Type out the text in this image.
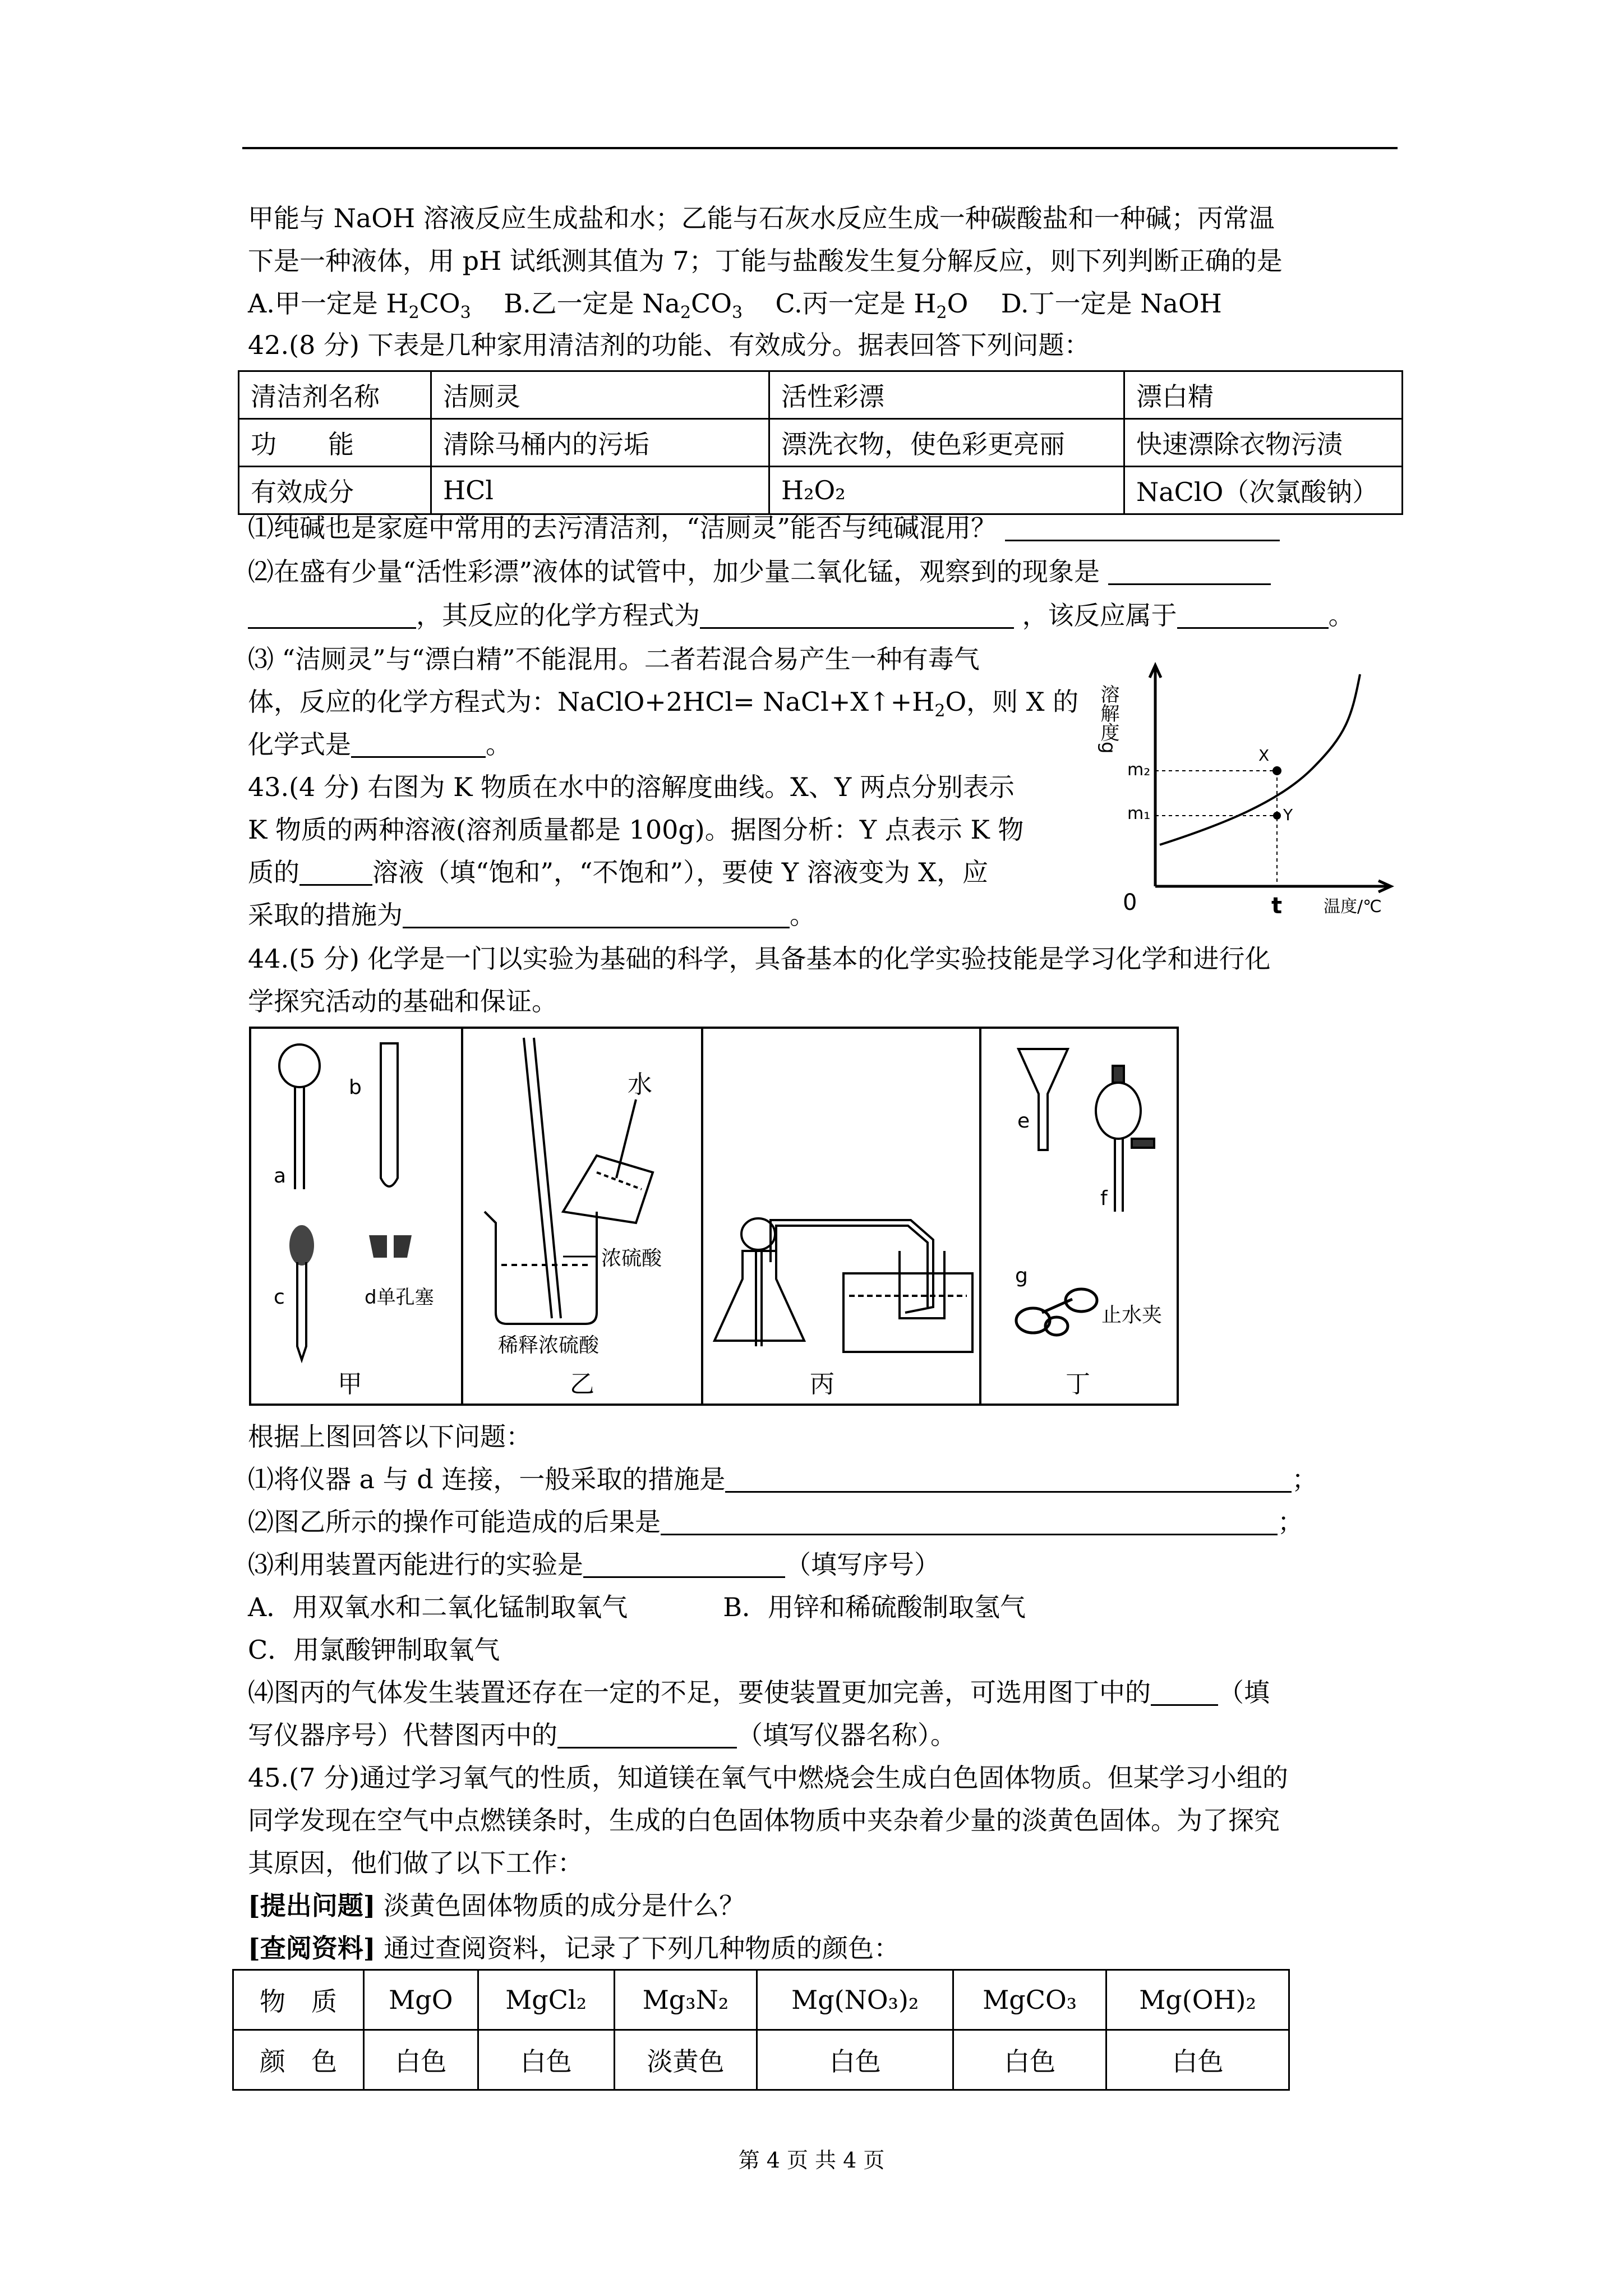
甲能与 NaOH 溶液反应生成盐和水；乙能与石灰水反应生成一种碳酸盐和一种碱；丙常温
下是一种液体，用 pH 试纸测其值为 7；丁能与盐酸发生复分解反应，则下列判断正确的是
A.甲一定是 $H_2CO_3$ B.乙一定是 $Na_2CO_3$ C.丙一定是 $H_2O$ D.丁一定是 NaOH
42.(8 分) 下表是几种家用清洁剂的功能、有效成分。据表回答下列问题：
清洁剂名称	洁厕灵	活性彩漂	漂白精
功　　能	清除马桶内的污垢	漂洗衣物，使色彩更亮丽	快速漂除衣物污渍
有效成分	HCl	H₂O₂	NaClO（次氯酸钠）
⑴纯碱也是家庭中常用的去污清洁剂，“洁厕灵”能否与纯碱混用？
⑵在盛有少量“活性彩漂”液体的试管中，加少量二氧化锰，观察到的现象是
，其反应的化学方程式为	，该反应属于	。
⑶ “洁厕灵”与“漂白精”不能混用。二者若混合易产生一种有毒气
体，反应的化学方程式为：NaClO+2HCl= $NaCl+X↑+H_2O$，则 X 的
化学式是	。
43.(4 分) 右图为 K 物质在水中的溶解度曲线。X、Y 两点分别表示
K 物质的两种溶液(溶剂质量都是 100g)。据图分析：Y 点表示 K 物
质的	溶液（填“饱和”，“不饱和”），要使 Y 溶液变为 X，应
采取的措施为	。
溶解度g
m₂
m₁
X
Y
0	t 温度/℃
44.(5 分) 化学是一门以实验为基础的科学，具备基本的化学实验技能是学习化学和进行化
学探究活动的基础和保证。
a
b
c	d单孔塞
甲
水
浓硫酸
稀释浓硫酸
乙	丙
e
f
g
止水夹
丁
根据上图回答以下问题：
⑴将仪器 a 与 d 连接，一般采取的措施是	；
⑵图乙所示的操作可能造成的后果是	；
⑶利用装置丙能进行的实验是	（填写序号）
A．用双氧水和二氧化锰制取氧气	B．用锌和稀硫酸制取氢气
C．用氯酸钾制取氧气
⑷图丙的气体发生装置还存在一定的不足，要使装置更加完善，可选用图丁中的	（填
写仪器序号）代替图丙中的	（填写仪器名称）。
45.(7 分)通过学习氧气的性质，知道镁在氧气中燃烧会生成白色固体物质。但某学习小组的
同学发现在空气中点燃镁条时，生成的白色固体物质中夹杂着少量的淡黄色固体。为了探究
其原因，他们做了以下工作：
[提出问题] 淡黄色固体物质的成分是什么？
[查阅资料] 通过查阅资料，记录了下列几种物质的颜色：
物　质	MgO	MgCl₂	Mg₃N₂	Mg(NO₃)₂	MgCO₃	Mg(OH)₂
颜　色	白色	白色	淡黄色	白色	白色	白色
第 4 页 共 4 页
